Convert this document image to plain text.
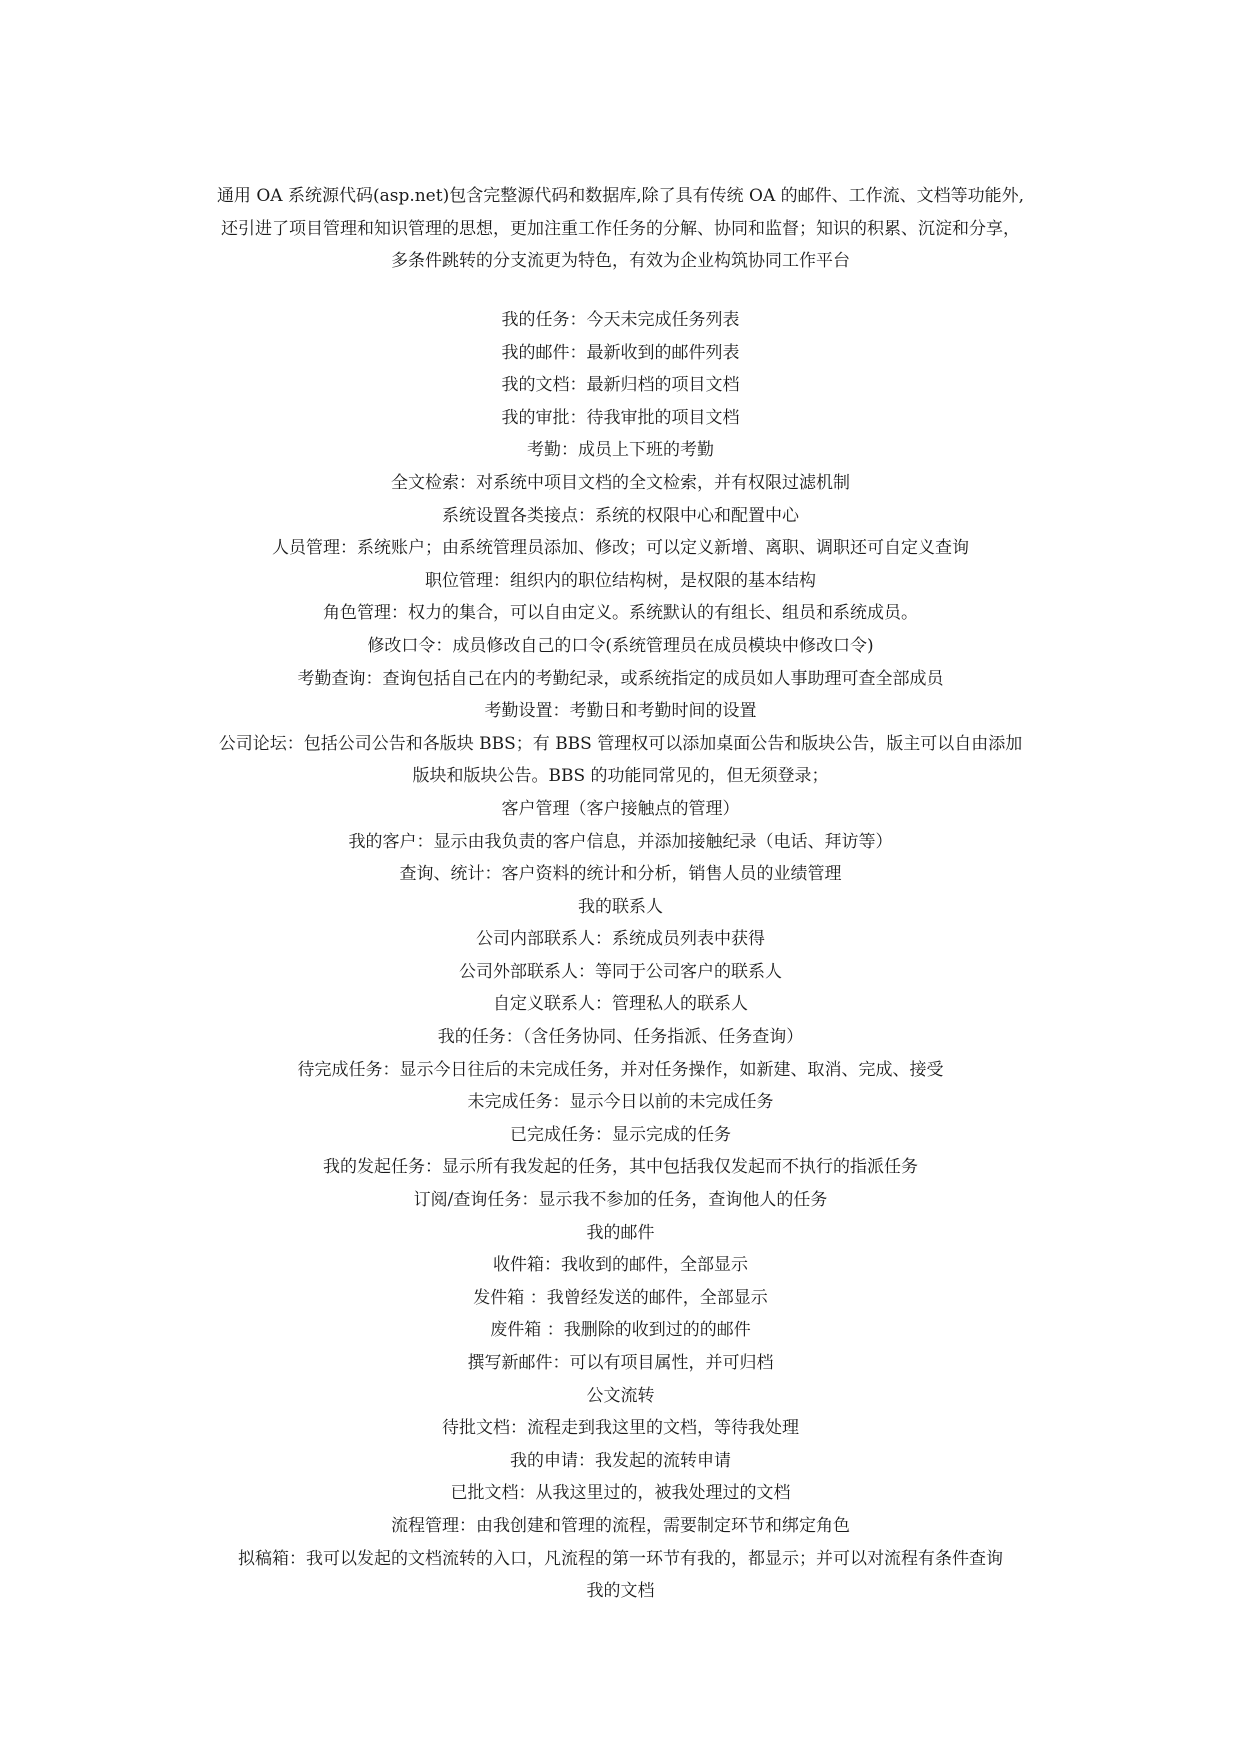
通用 OA 系统源代码(asp.net)包含完整源代码和数据库,除了具有传统 OA 的邮件、工作流、文档等功能外,
还引进了项目管理和知识管理的思想，更加注重工作任务的分解、协同和监督；知识的积累、沉淀和分享，
多条件跳转的分支流更为特色，有效为企业构筑协同工作平台
我的任务：今天未完成任务列表
我的邮件：最新收到的邮件列表
我的文档：最新归档的项目文档
我的审批：待我审批的项目文档
考勤：成员上下班的考勤
全文检索：对系统中项目文档的全文检索，并有权限过滤机制
系统设置各类接点：系统的权限中心和配置中心
人员管理：系统账户；由系统管理员添加、修改；可以定义新增、离职、调职还可自定义查询
职位管理：组织内的职位结构树，是权限的基本结构
角色管理：权力的集合，可以自由定义。系统默认的有组长、组员和系统成员。
修改口令：成员修改自己的口令(系统管理员在成员模块中修改口令)
考勤查询：查询包括自己在内的考勤纪录，或系统指定的成员如人事助理可查全部成员
考勤设置：考勤日和考勤时间的设置
公司论坛：包括公司公告和各版块 BBS；有 BBS 管理权可以添加桌面公告和版块公告，版主可以自由添加
版块和版块公告。BBS 的功能同常见的，但无须登录；
客户管理（客户接触点的管理）
我的客户：显示由我负责的客户信息，并添加接触纪录（电话、拜访等）
查询、统计：客户资料的统计和分析，销售人员的业绩管理
我的联系人
公司内部联系人：系统成员列表中获得
公司外部联系人：等同于公司客户的联系人
自定义联系人：管理私人的联系人
我的任务：（含任务协同、任务指派、任务查询）
待完成任务：显示今日往后的未完成任务，并对任务操作，如新建、取消、完成、接受
未完成任务：显示今日以前的未完成任务
已完成任务：显示完成的任务
我的发起任务：显示所有我发起的任务，其中包括我仅发起而不执行的指派任务
订阅/查询任务：显示我不参加的任务，查询他人的任务
我的邮件
收件箱：我收到的邮件，全部显示
发件箱 ：我曾经发送的邮件，全部显示
废件箱 ：我删除的收到过的的邮件
撰写新邮件：可以有项目属性，并可归档
公文流转
待批文档：流程走到我这里的文档，等待我处理
我的申请：我发起的流转申请
已批文档：从我这里过的，被我处理过的文档
流程管理：由我创建和管理的流程，需要制定环节和绑定角色
拟稿箱：我可以发起的文档流转的入口，凡流程的第一环节有我的，都显示；并可以对流程有条件查询
我的文档
